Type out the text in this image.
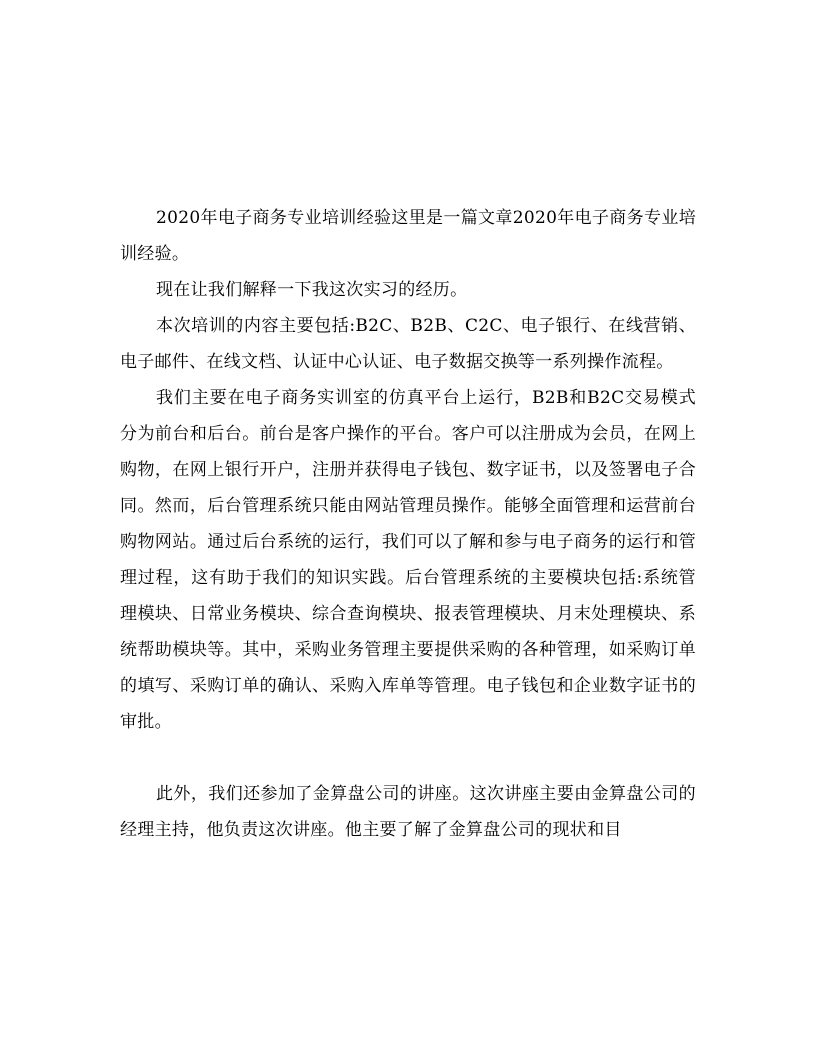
2020年电子商务专业培训经验这里是一篇文章2020年电子商务专业培训经验。

现在让我们解释一下我这次实习的经历。

本次培训的内容主要包括:B2C、B2B、C2C、电子银行、在线营销、电子邮件、在线文档、认证中心认证、电子数据交换等一系列操作流程。

我们主要在电子商务实训室的仿真平台上运行，B2B和B2C交易模式分为前台和后台。前台是客户操作的平台。客户可以注册成为会员，在网上购物，在网上银行开户，注册并获得电子钱包、数字证书，以及签署电子合同。然而，后台管理系统只能由网站管理员操作。能够全面管理和运营前台购物网站。通过后台系统的运行，我们可以了解和参与电子商务的运行和管理过程，这有助于我们的知识实践。后台管理系统的主要模块包括:系统管理模块、日常业务模块、综合查询模块、报表管理模块、月末处理模块、系统帮助模块等。其中，采购业务管理主要提供采购的各种管理，如采购订单的填写、采购订单的确认、采购入库单等管理。电子钱包和企业数字证书的审批。

此外，我们还参加了金算盘公司的讲座。这次讲座主要由金算盘公司的经理主持，他负责这次讲座。他主要了解了金算盘公司的现状和目
